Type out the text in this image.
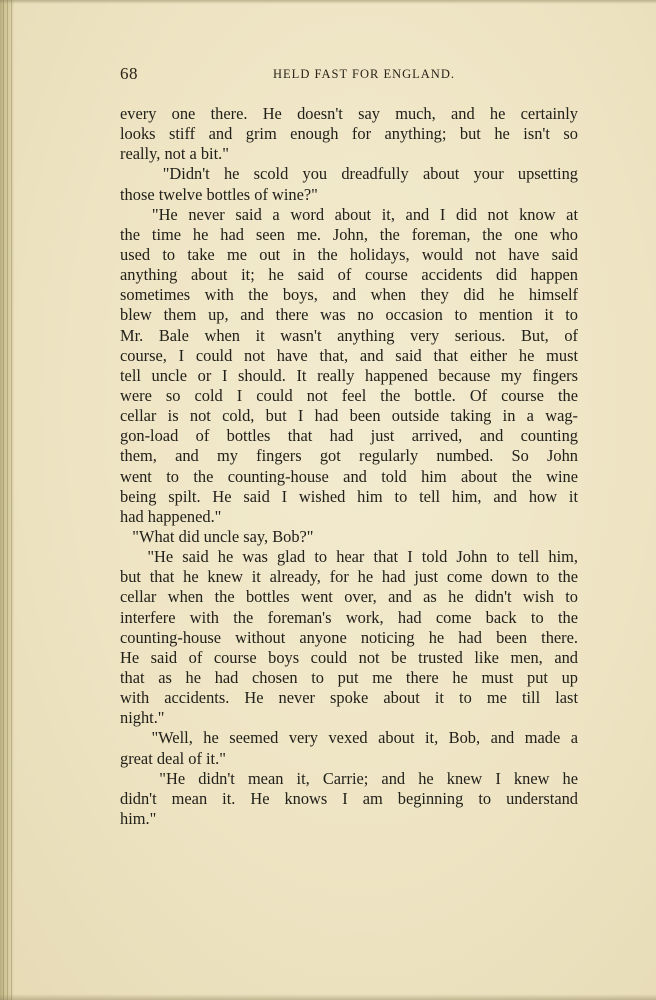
68	HELD FAST FOR ENGLAND.
every one there. He doesn't say much, and he certainly
looks stiff and grim enough for anything; but he isn't so
really, not a bit."
"Didn't he scold you dreadfully about your upsetting
those twelve bottles of wine?"
"He never said a word about it, and I did not know at
the time he had seen me. John, the foreman, the one who
used to take me out in the holidays, would not have said
anything about it; he said of course accidents did happen
sometimes with the boys, and when they did he himself
blew them up, and there was no occasion to mention it to
Mr. Bale when it wasn't anything very serious. But, of
course, I could not have that, and said that either he must
tell uncle or I should. It really happened because my fingers
were so cold I could not feel the bottle. Of course the
cellar is not cold, but I had been outside taking in a wag-
gon-load of bottles that had just arrived, and counting
them, and my fingers got regularly numbed. So John
went to the counting-house and told him about the wine
being spilt. He said I wished him to tell him, and how it
had happened."
"What did uncle say, Bob?"
"He said he was glad to hear that I told John to tell him,
but that he knew it already, for he had just come down to the
cellar when the bottles went over, and as he didn't wish to
interfere with the foreman's work, had come back to the
counting-house without anyone noticing he had been there.
He said of course boys could not be trusted like men, and
that as he had chosen to put me there he must put up
with accidents. He never spoke about it to me till last
night."
"Well, he seemed very vexed about it, Bob, and made a
great deal of it."
"He didn't mean it, Carrie; and he knew I knew he
didn't mean it. He knows I am beginning to understand
him."
